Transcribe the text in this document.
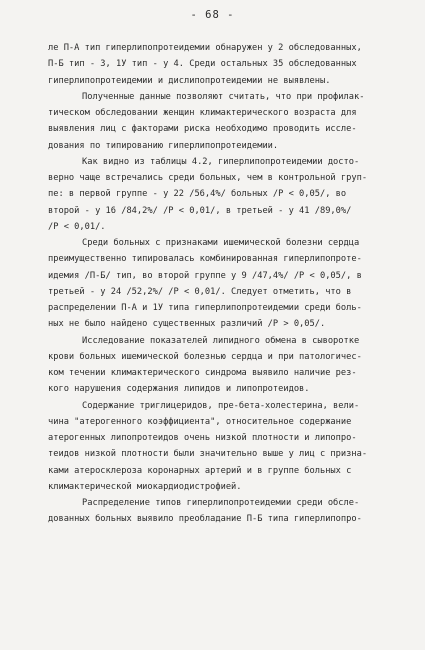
- 68 -
ле П-А тип гиперлипопротеидемии обнаружен у 2 обследованных,
П-Б тип - 3, 1У тип - у 4. Среди остальных 35 обследованных
гиперлипопротеидемии и дислипопротеидемии не выявлены.
Полученные данные позволяют считать, что при профилак-
тическом обследовании женщин климактерического возраста для
выявления лиц с факторами риска необходимо проводить иссле-
дования по типированию гиперлипопротеидемии.
Как видно из таблицы 4.2, гиперлипопротеидемии досто-
верно чаще встречались среди больных, чем в контрольной груп-
пе: в первой группе - у 22 /56,4%/ больных /Р < 0,05/, во
второй - у 16 /84,2%/ /Р < 0,01/, в третьей - у 41 /89,0%/
/Р < 0,01/.
Среди больных с признаками ишемической болезни сердца
преимущественно типировалась комбинированная гиперлипопроте-
идемия /П-Б/ тип, во второй группе у 9 /47,4%/ /Р < 0,05/, в
третьей - у 24 /52,2%/ /Р < 0,01/. Следует отметить, что в
распределении П-А и 1У типа гиперлипопротеидемии среди боль-
ных не было найдено существенных различий /Р > 0,05/.
Исследование показателей липидного обмена в сыворотке
крови больных ишемической болезнью сердца и при патологичес-
ком течении климактерического синдрома выявило наличие рез-
кого нарушения содержания липидов и липопротеидов.
Содержание триглицеридов, пре-бета-холестерина, вели-
чина "атерогенного коэффициента", относительное содержание
атерогенных липопротеидов очень низкой плотности и липопро-
теидов низкой плотности были значительно выше у лиц с призна-
ками атеросклероза коронарных артерий и в группе больных с
климактерической миокардиодистрофией.
Распределение типов гиперлипопротеидемии среди обсле-
дованных больных выявило преобладание П-Б типа гиперлипопро-
